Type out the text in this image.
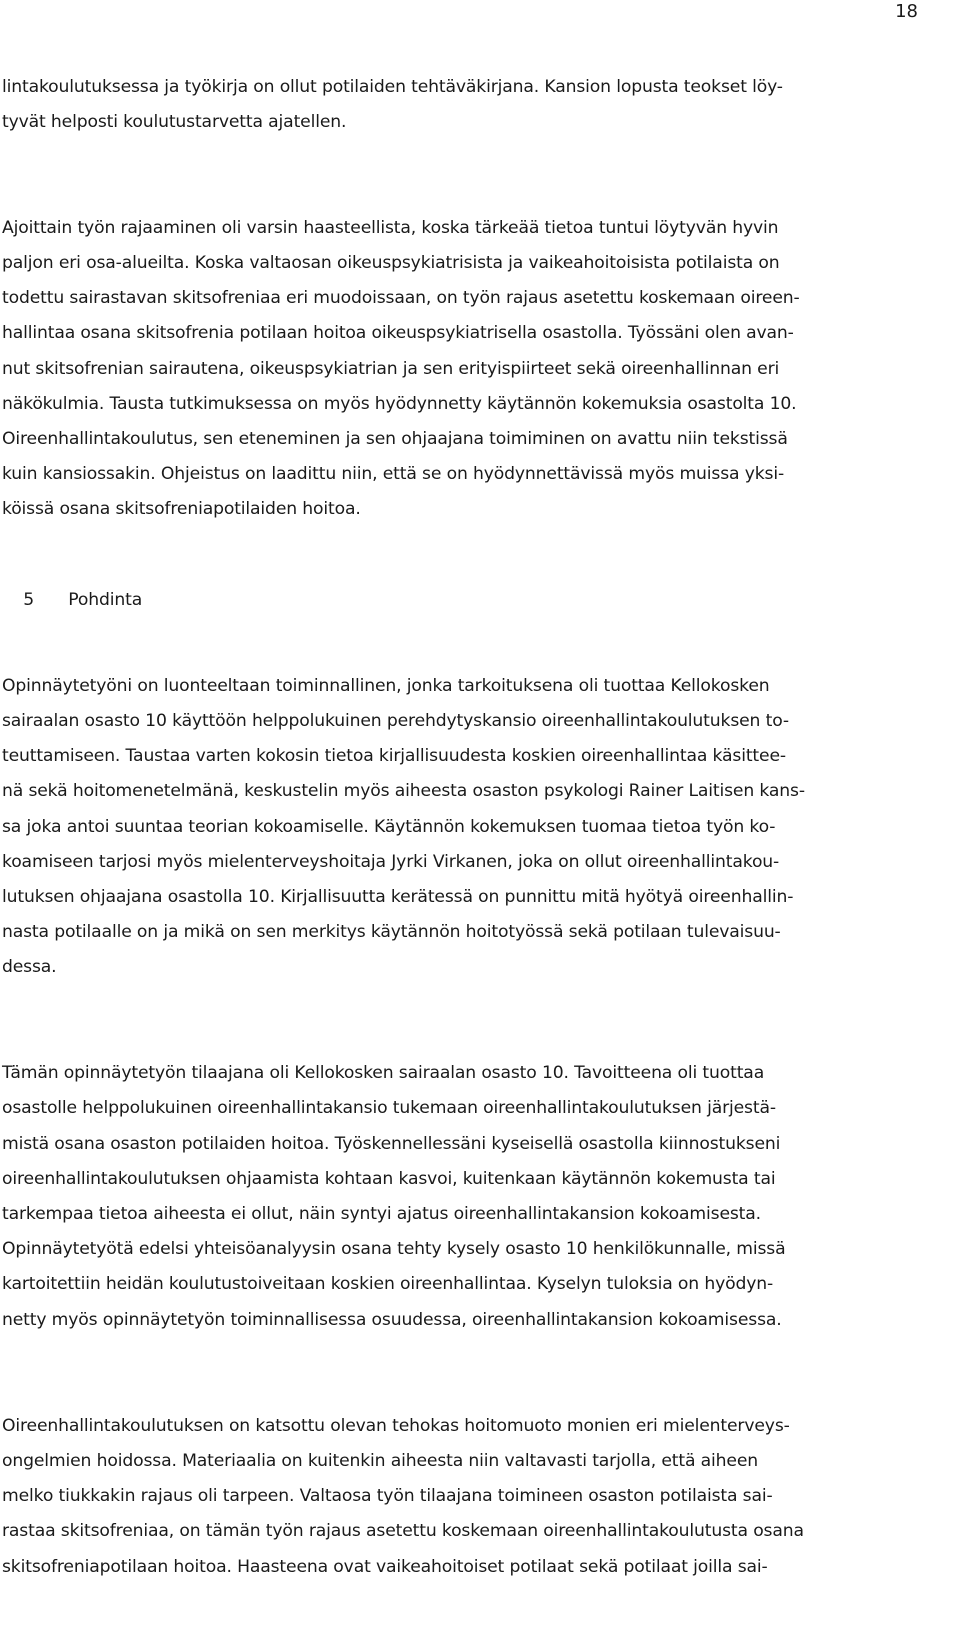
18

lintakoulutuksessa ja työkirja on ollut potilaiden tehtäväkirjana. Kansion lopusta teokset löy-

tyvät helposti koulutustarvetta ajatellen.

Ajoittain työn rajaaminen oli varsin haasteellista, koska tärkeää tietoa tuntui löytyvän hyvin

paljon eri osa-alueilta. Koska valtaosan oikeuspsykiatrisista ja vaikeahoitoisista potilaista on

todettu sairastavan skitsofreniaa eri muodoissaan, on työn rajaus asetettu koskemaan oireen-

hallintaa osana skitsofrenia potilaan hoitoa oikeuspsykiatrisella osastolla. Työssäni olen avan-

nut skitsofrenian sairautena, oikeuspsykiatrian ja sen erityispiirteet sekä oireenhallinnan eri

näkökulmia. Tausta tutkimuksessa on myös hyödynnetty käytännön kokemuksia osastolta 10.

Oireenhallintakoulutus, sen eteneminen ja sen ohjaajana toimiminen on avattu niin tekstissä

kuin kansiossakin. Ohjeistus on laadittu niin, että se on hyödynnettävissä myös muissa yksi-

köissä osana skitsofreniapotilaiden hoitoa.

5 Pohdinta

Opinnäytetyöni on luonteeltaan toiminnallinen, jonka tarkoituksena oli tuottaa Kellokosken

sairaalan osasto 10 käyttöön helppolukuinen perehdytyskansio oireenhallintakoulutuksen to-

teuttamiseen. Taustaa varten kokosin tietoa kirjallisuudesta koskien oireenhallintaa käsittee-

nä sekä hoitomenetelmänä, keskustelin myös aiheesta osaston psykologi Rainer Laitisen kans-

sa joka antoi suuntaa teorian kokoamiselle. Käytännön kokemuksen tuomaa tietoa työn ko-

koamiseen tarjosi myös mielenterveyshoitaja Jyrki Virkanen, joka on ollut oireenhallintakou-

lutuksen ohjaajana osastolla 10. Kirjallisuutta kerätessä on punnittu mitä hyötyä oireenhallin-

nasta potilaalle on ja mikä on sen merkitys käytännön hoitotyössä sekä potilaan tulevaisuu-

dessa.

Tämän opinnäytetyön tilaajana oli Kellokosken sairaalan osasto 10. Tavoitteena oli tuottaa

osastolle helppolukuinen oireenhallintakansio tukemaan oireenhallintakoulutuksen järjestä-

mistä osana osaston potilaiden hoitoa. Työskennellessäni kyseisellä osastolla kiinnostukseni

oireenhallintakoulutuksen ohjaamista kohtaan kasvoi, kuitenkaan käytännön kokemusta tai

tarkempaa tietoa aiheesta ei ollut, näin syntyi ajatus oireenhallintakansion kokoamisesta.

Opinnäytetyötä edelsi yhteisöanalyysin osana tehty kysely osasto 10 henkilökunnalle, missä

kartoitettiin heidän koulutustoiveitaan koskien oireenhallintaa. Kyselyn tuloksia on hyödyn-

netty myös opinnäytetyön toiminnallisessa osuudessa, oireenhallintakansion kokoamisessa.

Oireenhallintakoulutuksen on katsottu olevan tehokas hoitomuoto monien eri mielenterveys-

ongelmien hoidossa. Materiaalia on kuitenkin aiheesta niin valtavasti tarjolla, että aiheen

melko tiukkakin rajaus oli tarpeen. Valtaosa työn tilaajana toimineen osaston potilaista sai-

rastaa skitsofreniaa, on tämän työn rajaus asetettu koskemaan oireenhallintakoulutusta osana

skitsofreniapotilaan hoitoa. Haasteena ovat vaikeahoitoiset potilaat sekä potilaat joilla sai-
